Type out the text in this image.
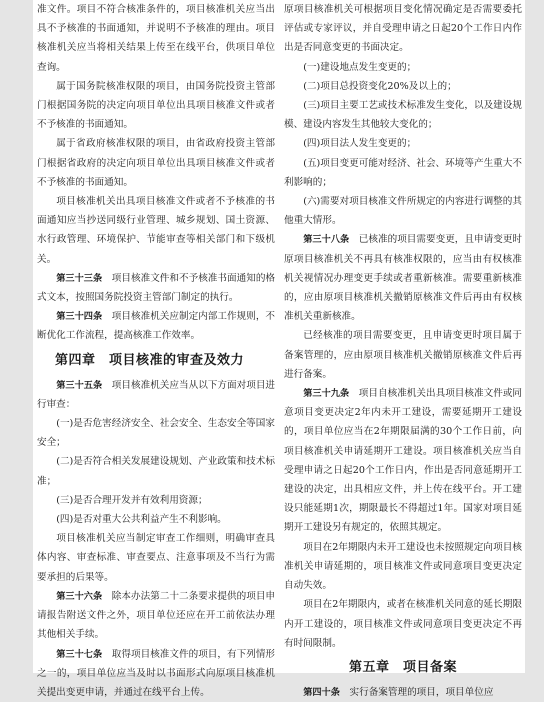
准文件。项目不符合核准条件的，项目核准机关应当出具不予核准的书面通知，并说明不予核准的理由。项目核准机关应当将相关结果上传至在线平台，供项目单位查询。

属于国务院核准权限的项目，由国务院投资主管部门根据国务院的决定向项目单位出具项目核准文件或者不予核准的书面通知。

属于省政府核准权限的项目，由省政府投资主管部门根据省政府的决定向项目单位出具项目核准文件或者不予核准的书面通知。

项目核准机关出具项目核准文件或者不予核准的书面通知应当抄送同级行业管理、城乡规划、国土资源、水行政管理、环境保护、节能审查等相关部门和下级机关。

第三十三条　 项目核准文件和不予核准书面通知的格式文本，按照国务院投资主管部门制定的执行。

第三十四条　 项目核准机关应制定内部工作规则，不断优化工作流程，提高核准工作效率。

第四章　项目核准的审查及效力

第三十五条　 项目核准机关应当从以下方面对项目进行审查：

(一)是否危害经济安全、社会安全、生态安全等国家安全；

(二)是否符合相关发展建设规划、产业政策和技术标准；

(三)是否合理开发并有效利用资源；

(四)是否对重大公共利益产生不利影响。

项目核准机关应当制定审查工作细则，明确审查具体内容、审查标准、审查要点、注意事项及不当行为需要承担的后果等。

第三十六条　 除本办法第二十二条要求提供的项目申请报告附送文件之外，项目单位还应在开工前依法办理其他相关手续。

第三十七条　 取得项目核准文件的项目，有下列情形之一的，项目单位应当及时以书面形式向原项目核准机关提出变更申请，并通过在线平台上传。

原项目核准机关可根据项目变化情况确定是否需要委托评估或专家评议，并自受理申请之日起20个工作日内作出是否同意变更的书面决定。

(一)建设地点发生变更的；

(二)项目总投资变化20%及以上的；

(三)项目主要工艺或技术标准发生变化，以及建设规模、建设内容发生其他较大变化的；

(四)项目法人发生变更的；

(五)项目变更可能对经济、社会、环境等产生重大不利影响的；

(六)需要对项目核准文件所规定的内容进行调整的其他重大情形。

第三十八条　 已核准的项目需要变更，且申请变更时原项目核准机关不再具有核准权限的，应当由有权核准机关视情况办理变更手续或者重新核准。需要重新核准的，应由原项目核准机关撤销原核准文件后再由有权核准机关重新核准。

已经核准的项目需要变更，且申请变更时项目属于备案管理的，应由原项目核准机关撤销原核准文件后再进行备案。

第三十九条　 项目自核准机关出具项目核准文件或同意项目变更决定2年内未开工建设，需要延期开工建设的，项目单位应当在2年期限届满的30个工作日前，向项目核准机关申请延期开工建设。项目核准机关应当自受理申请之日起20个工作日内，作出是否同意延期开工建设的决定，出具相应文件，并上传在线平台。开工建设只能延期1次，期限最长不得超过1年。国家对项目延期开工建设另有规定的，依照其规定。

项目在2年期限内未开工建设也未按照规定向项目核准机关申请延期的，项目核准文件或同意项目变更决定自动失效。

项目在2年期限内，或者在核准机关同意的延长期限内开工建设的，项目核准文件或同意项目变更决定不再有时间限制。

第五章　项目备案

第四十条　 实行备案管理的项目，项目单位应
